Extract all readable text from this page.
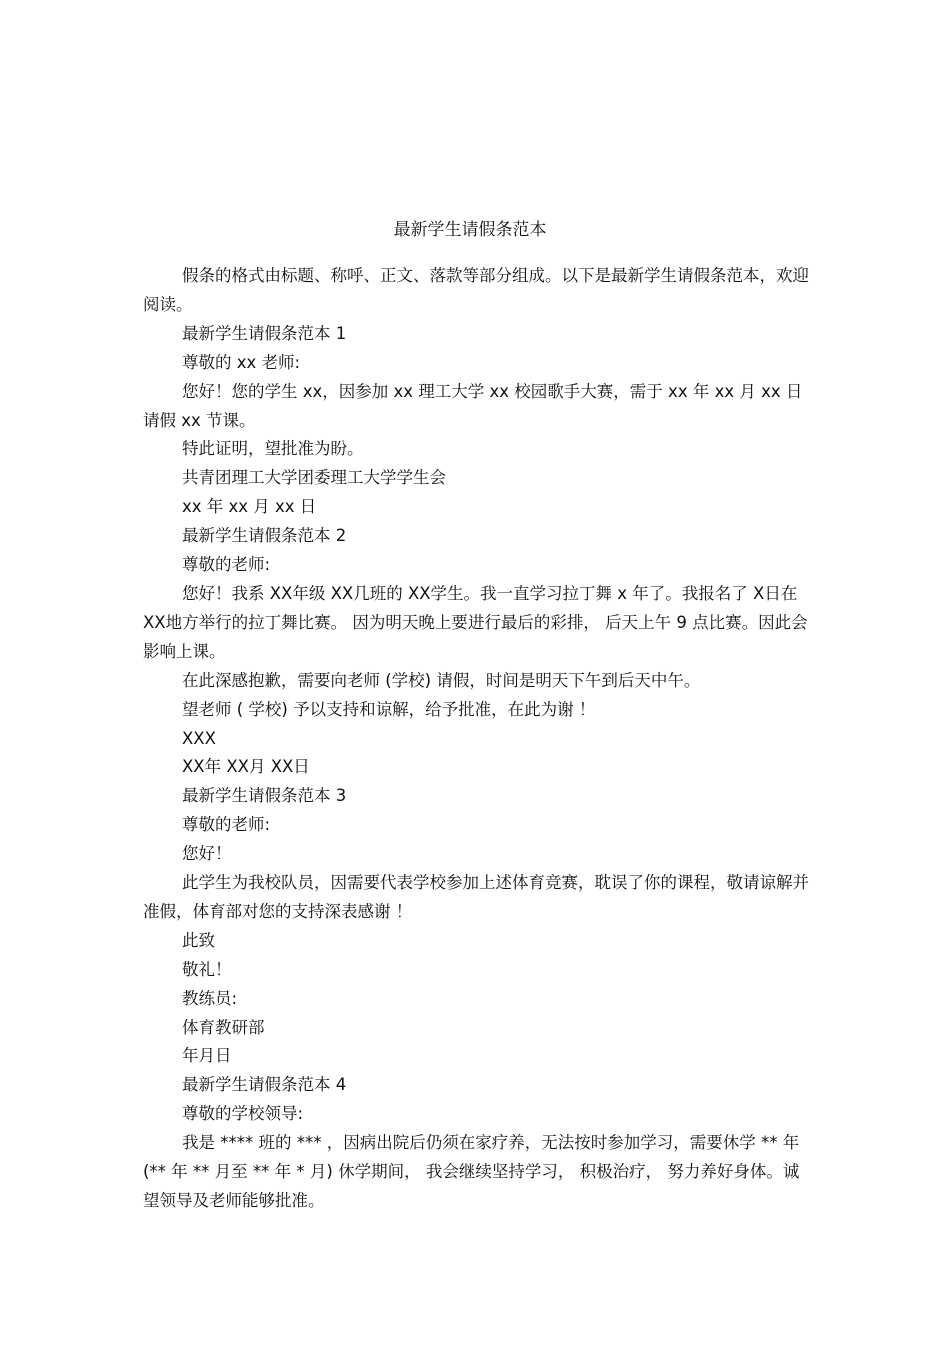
最新学生请假条范本

假条的格式由标题、称呼、正文、落款等部分组成。以下是最新学生请假条范本，欢迎阅读。

最新学生请假条范本 1

尊敬的 xx 老师:

您好！您的学生 xx，因参加 xx 理工大学 xx 校园歌手大赛，需于 xx 年 xx 月 xx 日请假 xx 节课。

特此证明，望批准为盼。

共青团理工大学团委理工大学学生会

xx 年 xx 月 xx 日

最新学生请假条范本 2

尊敬的老师:

您好！我系 XX年级 XX几班的 XX学生。我一直学习拉丁舞 x 年了。我报名了 X日在 XX地方举行的拉丁舞比赛。 因为明天晚上要进行最后的彩排， 后天上午 9 点比赛。因此会影响上课。

在此深感抱歉，需要向老师 (学校) 请假，时间是明天下午到后天中午。

望老师 ( 学校) 予以支持和谅解，给予批准，在此为谢 ！

XXX

XX年 XX月 XX日

最新学生请假条范本 3

尊敬的老师:

您好！

此学生为我校队员，因需要代表学校参加上述体育竞赛，耽误了你的课程，敬请谅解并准假，体育部对您的支持深表感谢 ！

此致

敬礼！

教练员:

体育教研部

年月日

最新学生请假条范本 4

尊敬的学校领导:

我是 **** 班的 *** ，因病出院后仍须在家疗养，无法按时参加学习，需要休学 ** 年(** 年 ** 月至 ** 年 * 月) 休学期间， 我会继续坚持学习， 积极治疗， 努力养好身体。诚望领导及老师能够批准。
